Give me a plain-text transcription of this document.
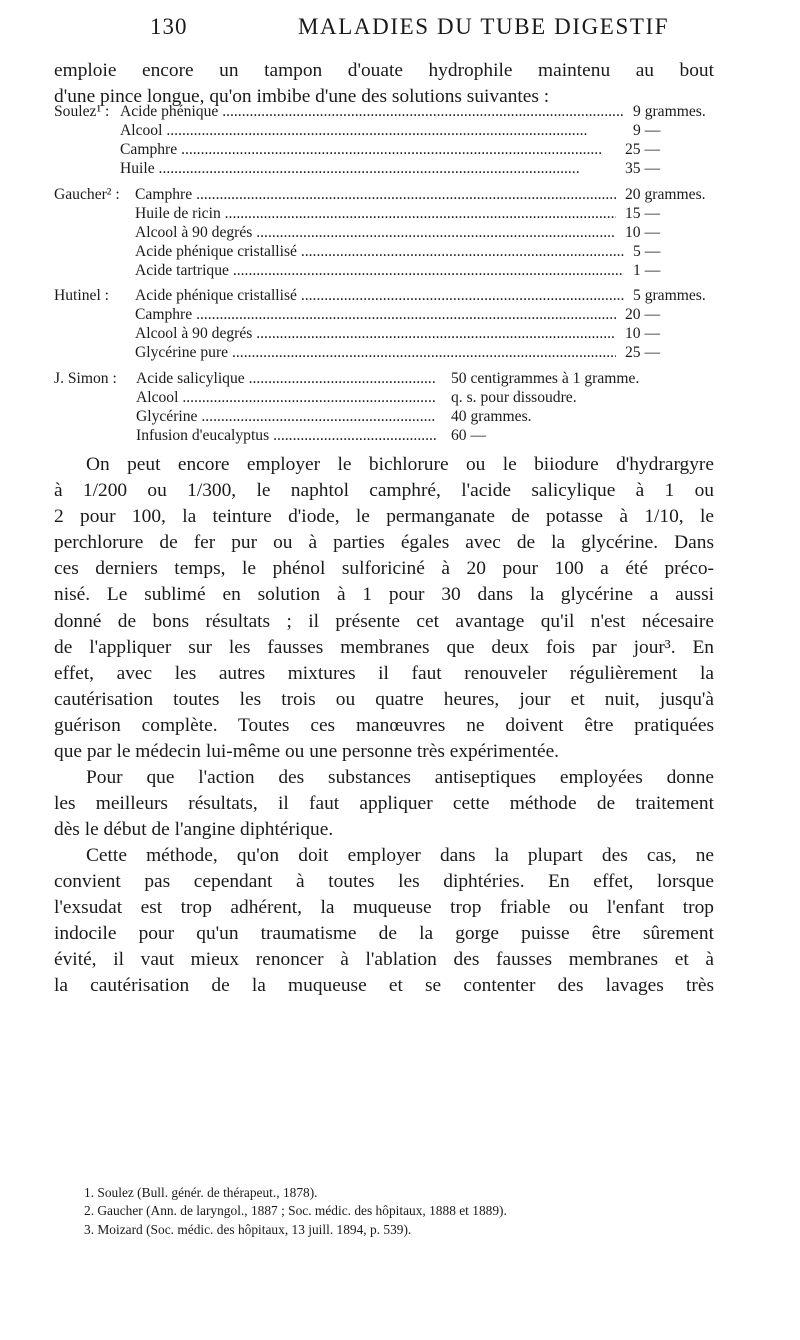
130	MALADIES DU TUBE DIGESTIF
emploie encore un tampon d'ouate hydrophile maintenu au bout
d'une pince longue, qu'on imbibe d'une des solutions suivantes :
Soulez¹ : Acide phénique .....	9 grammes.
Alcool .....	9 —
Camphre .....	25 —
Huile .....	35 —
Gaucher² : Camphre .....	20 grammes.
Huile de ricin .....	15 —
Alcool à 90 degrés .....	10 —
Acide phénique cristallisé .....	5 —
Acide tartrique .....	1 —
Hutinel : Acide phénique cristallisé .....	5 grammes.
Camphre .....	20 —
Alcool à 90 degrés .....	10 —
Glycérine pure .....	25 —
J. Simon : Acide salicylique .....	50 centigrammes à 1 gramme.
Alcool .....	q. s. pour dissoudre.
Glycérine .....	40 grammes.
Infusion d'eucalyptus .....	60 —
On peut encore employer le bichlorure ou le biiodure d'hydrargyre
à 1/200 ou 1/300, le naphtol camphré, l'acide salicylique à 1 ou
2 pour 100, la teinture d'iode, le permanganate de potasse à 1/10, le
perchlorure de fer pur ou à parties égales avec de la glycérine. Dans
ces derniers temps, le phénol sulforiciné à 20 pour 100 a été préco-
nisé. Le sublimé en solution à 1 pour 30 dans la glycérine a aussi
donné de bons résultats ; il présente cet avantage qu'il n'est nécesaire
de l'appliquer sur les fausses membranes que deux fois par jour³. En
effet, avec les autres mixtures il faut renouveler régulièrement la
cautérisation toutes les trois ou quatre heures, jour et nuit, jusqu'à
guérison complète. Toutes ces manœuvres ne doivent être pratiquées
que par le médecin lui-même ou une personne très expérimentée.
Pour que l'action des substances antiseptiques employées donne
les meilleurs résultats, il faut appliquer cette méthode de traitement
dès le début de l'angine diphtérique.
Cette méthode, qu'on doit employer dans la plupart des cas, ne
convient pas cependant à toutes les diphtéries. En effet, lorsque
l'exsudat est trop adhérent, la muqueuse trop friable ou l'enfant trop
indocile pour qu'un traumatisme de la gorge puisse être sûrement
évité, il vaut mieux renoncer à l'ablation des fausses membranes et à
la cautérisation de la muqueuse et se contenter des lavages très
1. Soulez (Bull. génér. de thérapeut., 1878).
2. Gaucher (Ann. de laryngol., 1887 ; Soc. médic. des hôpitaux, 1888 et 1889).
3. Moizard (Soc. médic. des hôpitaux, 13 juill. 1894, p. 539).
